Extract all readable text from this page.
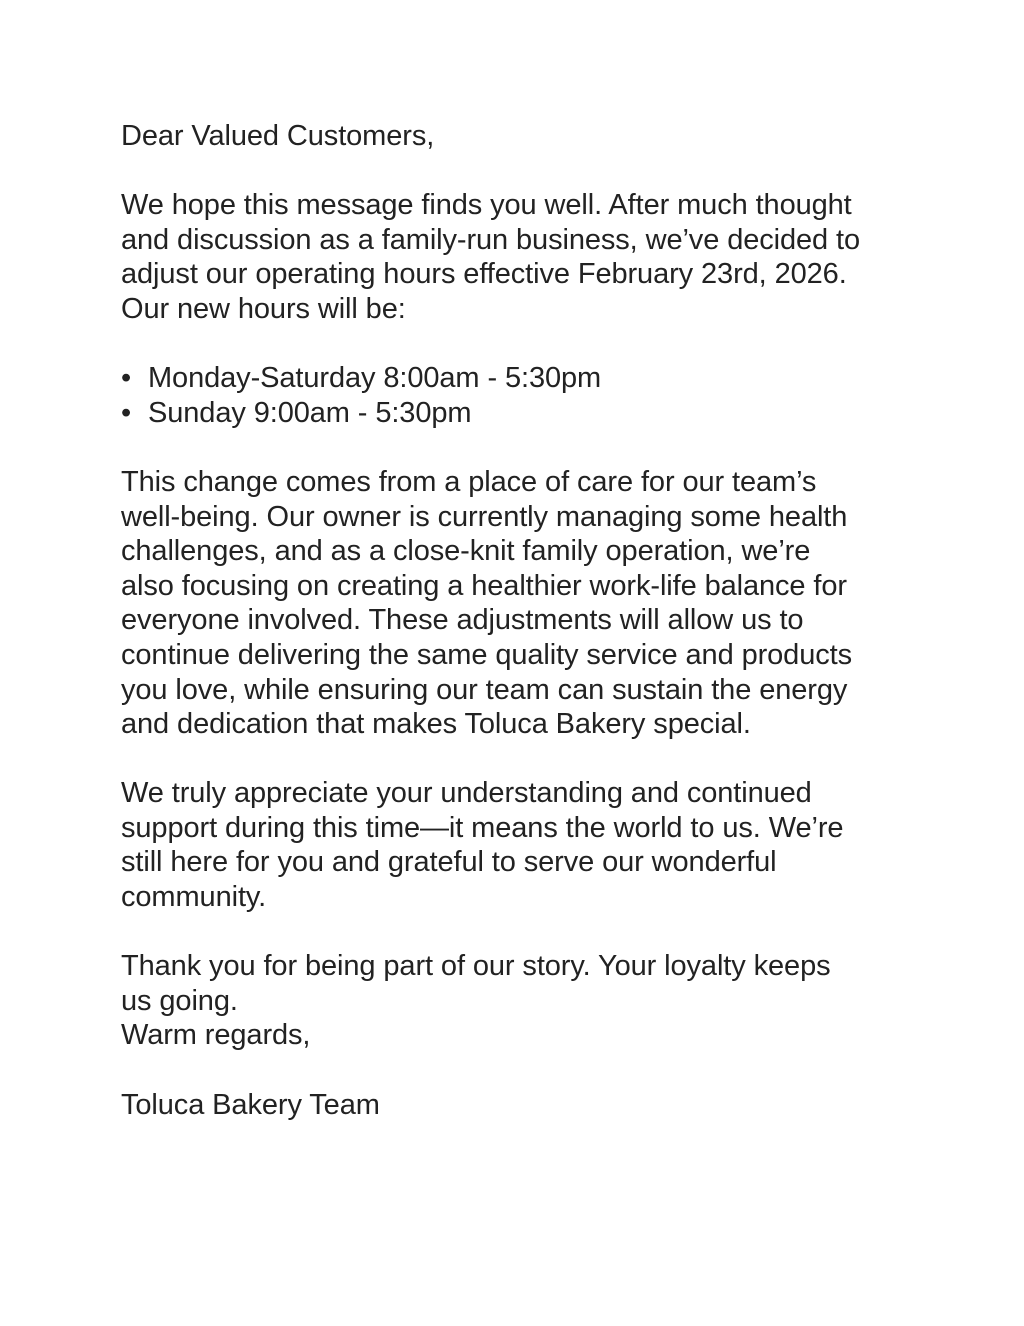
Dear Valued Customers,
We hope this message finds you well. After much thought
and discussion as a family-run business, we’ve decided to
adjust our operating hours effective February 23rd, 2026.
Our new hours will be:
• Monday-Saturday 8:00am - 5:30pm
• Sunday 9:00am - 5:30pm
This change comes from a place of care for our team’s
well-being. Our owner is currently managing some health
challenges, and as a close-knit family operation, we’re
also focusing on creating a healthier work-life balance for
everyone involved. These adjustments will allow us to
continue delivering the same quality service and products
you love, while ensuring our team can sustain the energy
and dedication that makes Toluca Bakery special.
We truly appreciate your understanding and continued
support during this time—it means the world to us. We’re
still here for you and grateful to serve our wonderful
community.
Thank you for being part of our story. Your loyalty keeps
us going.
Warm regards,
Toluca Bakery Team
